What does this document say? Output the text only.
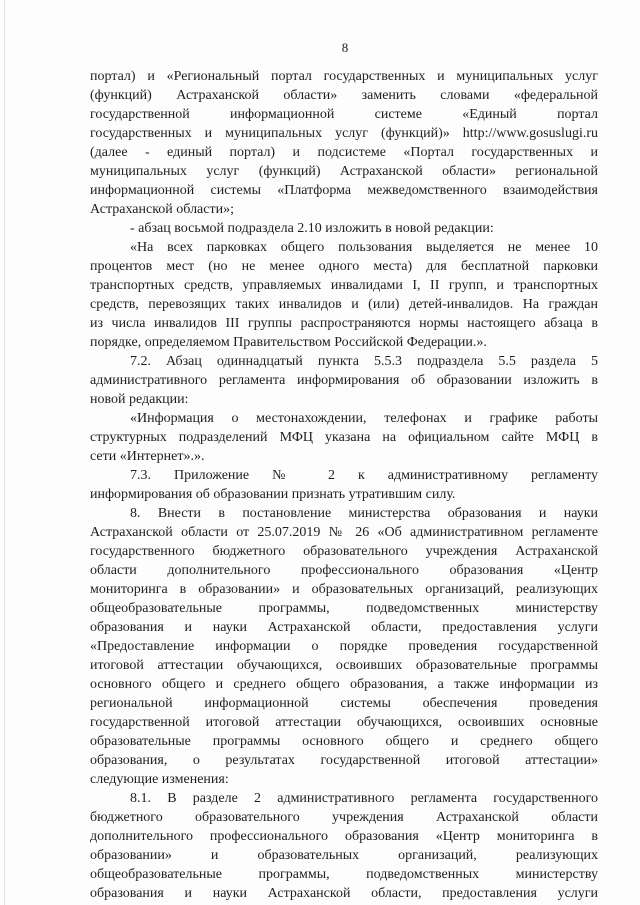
8
портал) и «Региональный портал государственных и муниципальных услуг
(функций) Астраханской области» заменить словами «федеральной
государственной информационной системе «Единый портал
государственных и муниципальных услуг (функций)» http://www.gosuslugi.ru
(далее - единый портал) и подсистеме «Портал государственных и
муниципальных услуг (функций) Астраханской области» региональной
информационной системы «Платформа межведомственного взаимодействия
Астраханской области»;
- абзац восьмой подраздела 2.10 изложить в новой редакции:
«На всех парковках общего пользования выделяется не менее 10
процентов мест (но не менее одного места) для бесплатной парковки
транспортных средств, управляемых инвалидами I, II групп, и транспортных
средств, перевозящих таких инвалидов и (или) детей-инвалидов. На граждан
из числа инвалидов III группы распространяются нормы настоящего абзаца в
порядке, определяемом Правительством Российской Федерации.».
7.2. Абзац одиннадцатый пункта 5.5.3 подраздела 5.5 раздела 5
административного регламента информирования об образовании изложить в
новой редакции:
«Информация о местонахождении, телефонах и графике работы
структурных подразделений МФЦ указана на официальном сайте МФЦ в
сети «Интернет».».
7.3. Приложение № 2 к административному регламенту
информирования об образовании признать утратившим силу.
8. Внести в постановление министерства образования и науки
Астраханской области от 25.07.2019 № 26 «Об административном регламенте
государственного бюджетного образовательного учреждения Астраханской
области дополнительного профессионального образования «Центр
мониторинга в образовании» и образовательных организаций, реализующих
общеобразовательные программы, подведомственных министерству
образования и науки Астраханской области, предоставления услуги
«Предоставление информации о порядке проведения государственной
итоговой аттестации обучающихся, освоивших образовательные программы
основного общего и среднего общего образования, а также информации из
региональной информационной системы обеспечения проведения
государственной итоговой аттестации обучающихся, освоивших основные
образовательные программы основного общего и среднего общего
образования, о результатах государственной итоговой аттестации»
следующие изменения:
8.1. В разделе 2 административного регламента государственного
бюджетного образовательного учреждения Астраханской области
дополнительного профессионального образования «Центр мониторинга в
образовании» и образовательных организаций, реализующих
общеобразовательные программы, подведомственных министерству
образования и науки Астраханской области, предоставления услуги
